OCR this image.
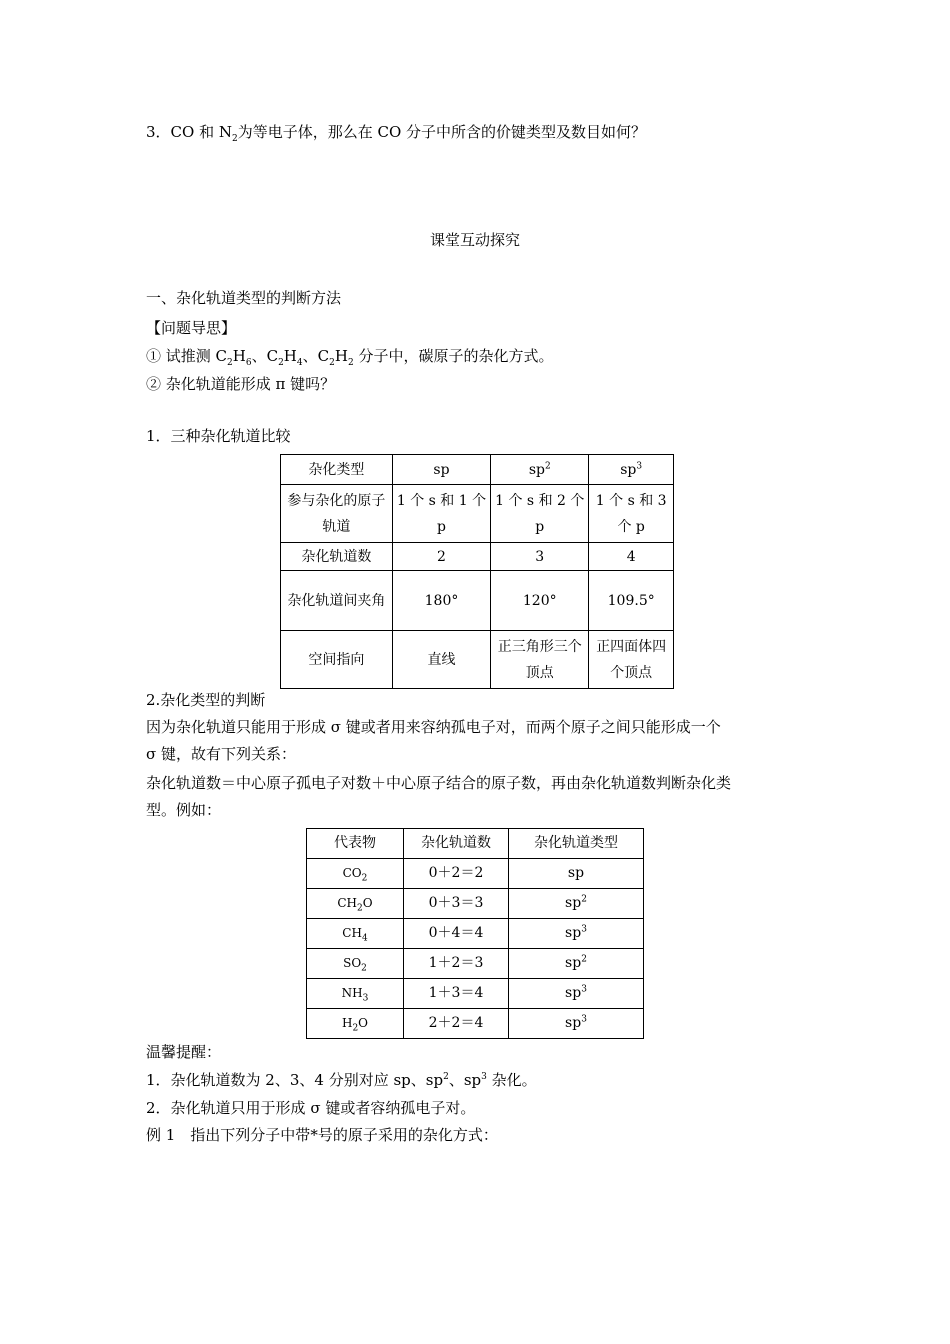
3．CO 和 $N_2$为等电子体，那么在 CO 分子中所含的价键类型及数目如何？
课堂互动探究
一、杂化轨道类型的判断方法
【问题导思】
① 试推测 $C_2H_6$、$C_2H_4$、$C_2H_2$ 分子中，碳原子的杂化方式。
② 杂化轨道能形成 π 键吗？
1．三种杂化轨道比较
杂化类型	sp	$sp^2$	$sp^3$
参与杂化的原子轨道	1 个 s 和 1 个 p	1 个 s 和 2 个 p	1 个 s 和 3 个 p
杂化轨道数	2	3	4
杂化轨道间夹角	180°	120°	109.5°
空间指向	直线	正三角形三个顶点	正四面体四个顶点
2.杂化类型的判断
因为杂化轨道只能用于形成 σ 键或者用来容纳孤电子对，而两个原子之间只能形成一个
σ 键，故有下列关系：
杂化轨道数＝中心原子孤电子对数＋中心原子结合的原子数，再由杂化轨道数判断杂化类
型。例如：
代表物	杂化轨道数	杂化轨道类型
$CO_2$	0＋2＝2	sp
$CH_2O$	0＋3＝3	$sp^2$
$CH_4$	0＋4＝4	$sp^3$
$SO_2$	1＋2＝3	$sp^2$
$NH_3$	1＋3＝4	$sp^3$
$H_2O$	2＋2＝4	$sp^3$
温馨提醒：
1．杂化轨道数为 2、3、4 分别对应 sp、$sp^2$、$sp^3$ 杂化。
2．杂化轨道只用于形成 σ 键或者容纳孤电子对。
例 1　指出下列分子中带*号的原子采用的杂化方式：
